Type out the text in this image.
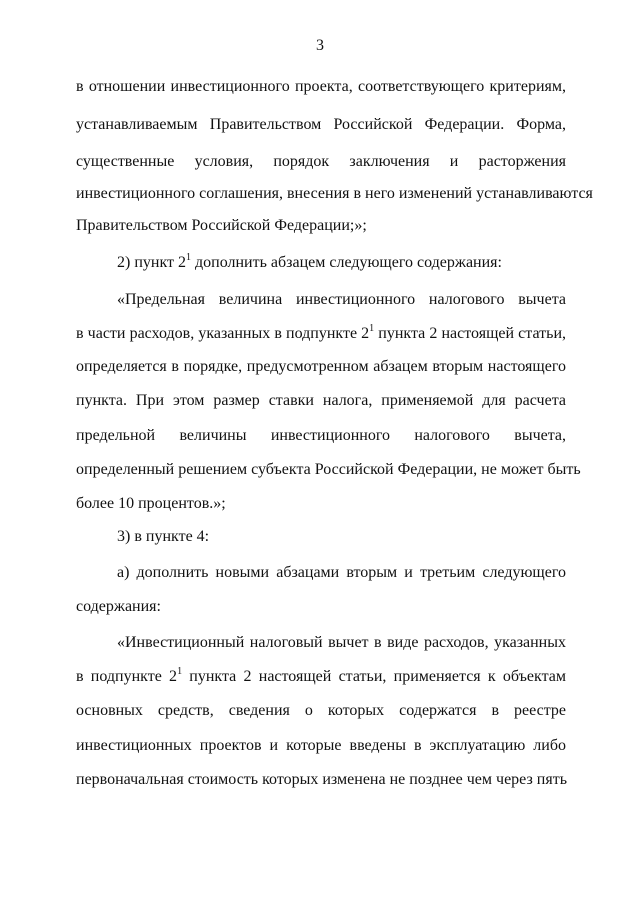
3
в отношении инвестиционного проекта, соответствующего критериям,
устанавливаемым Правительством Российской Федерации. Форма,
существенные условия, порядок заключения и расторжения
инвестиционного соглашения, внесения в него изменений устанавливаются
Правительством Российской Федерации;»;
2) пункт $2^1$ дополнить абзацем следующего содержания:
«Предельная величина инвестиционного налогового вычета
в части расходов, указанных в подпункте $2^1$ пункта 2 настоящей статьи,
определяется в порядке, предусмотренном абзацем вторым настоящего
пункта. При этом размер ставки налога, применяемой для расчета
предельной величины инвестиционного налогового вычета,
определенный решением субъекта Российской Федерации, не может быть
более 10 процентов.»;
3) в пункте 4:
а) дополнить новыми абзацами вторым и третьим следующего
содержания:
«Инвестиционный налоговый вычет в виде расходов, указанных
в подпункте $2^1$ пункта 2 настоящей статьи, применяется к объектам
основных средств, сведения о которых содержатся в реестре
инвестиционных проектов и которые введены в эксплуатацию либо
первоначальная стоимость которых изменена не позднее чем через пять
